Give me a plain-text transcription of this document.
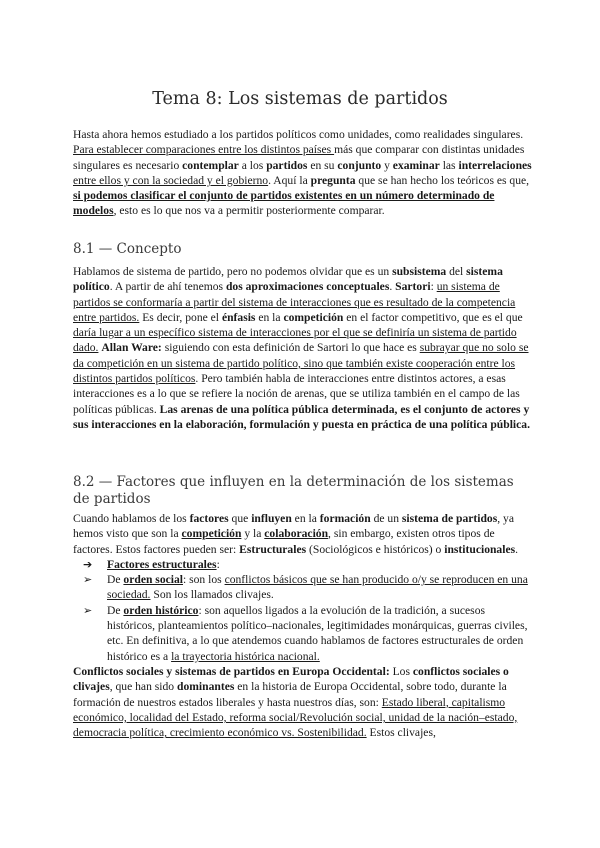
Tema 8: Los sistemas de partidos

Hasta ahora hemos estudiado a los partidos políticos como unidades, como realidades singulares. Para establecer comparaciones entre los distintos países más que comparar con distintas unidades singulares es necesario contemplar a los partidos en su conjunto y examinar las interrelaciones entre ellos y con la sociedad y el gobierno. Aquí la pregunta que se han hecho los teóricos es que, si podemos clasificar el conjunto de partidos existentes en un número determinado de modelos, esto es lo que nos va a permitir posteriormente comparar.

8.1 — Concepto

Hablamos de sistema de partido, pero no podemos olvidar que es un subsistema del sistema político. A partir de ahí tenemos dos aproximaciones conceptuales. Sartori: un sistema de partidos se conformaría a partir del sistema de interacciones que es resultado de la competencia entre partidos. Es decir, pone el énfasis en la competición en el factor competitivo, que es el que daría lugar a un específico sistema de interacciones por el que se definiría un sistema de partido dado. Allan Ware: siguiendo con esta definición de Sartori lo que hace es subrayar que no solo se da competición en un sistema de partido político, sino que también existe cooperación entre los distintos partidos políticos. Pero también habla de interacciones entre distintos actores, a esas interacciones es a lo que se refiere la noción de arenas, que se utiliza también en el campo de las políticas públicas. Las arenas de una política pública determinada, es el conjunto de actores y sus interacciones en la elaboración, formulación y puesta en práctica de una política pública.

8.2 — Factores que influyen en la determinación de los sistemas de partidos

Cuando hablamos de los factores que influyen en la formación de un sistema de partidos, ya hemos visto que son la competición y la colaboración, sin embargo, existen otros tipos de factores. Estos factores pueden ser: Estructurales (Sociológicos e históricos) o institucionales.

➔ Factores estructurales:
➢ De orden social: son los conflictos básicos que se han producido o/y se reproducen en una sociedad. Son los llamados clivajes.
➢ De orden histórico: son aquellos ligados a la evolución de la tradición, a sucesos históricos, planteamientos político–nacionales, legitimidades monárquicas, guerras civiles, etc. En definitiva, a lo que atendemos cuando hablamos de factores estructurales de orden histórico es a la trayectoria histórica nacional.

Conflictos sociales y sistemas de partidos en Europa Occidental: Los conflictos sociales o clivajes, que han sido dominantes en la historia de Europa Occidental, sobre todo, durante la formación de nuestros estados liberales y hasta nuestros días, son: Estado liberal, capitalismo económico, localidad del Estado, reforma social/Revolución social, unidad de la nación–estado, democracia política, crecimiento económico vs. Sostenibilidad. Estos clivajes,
